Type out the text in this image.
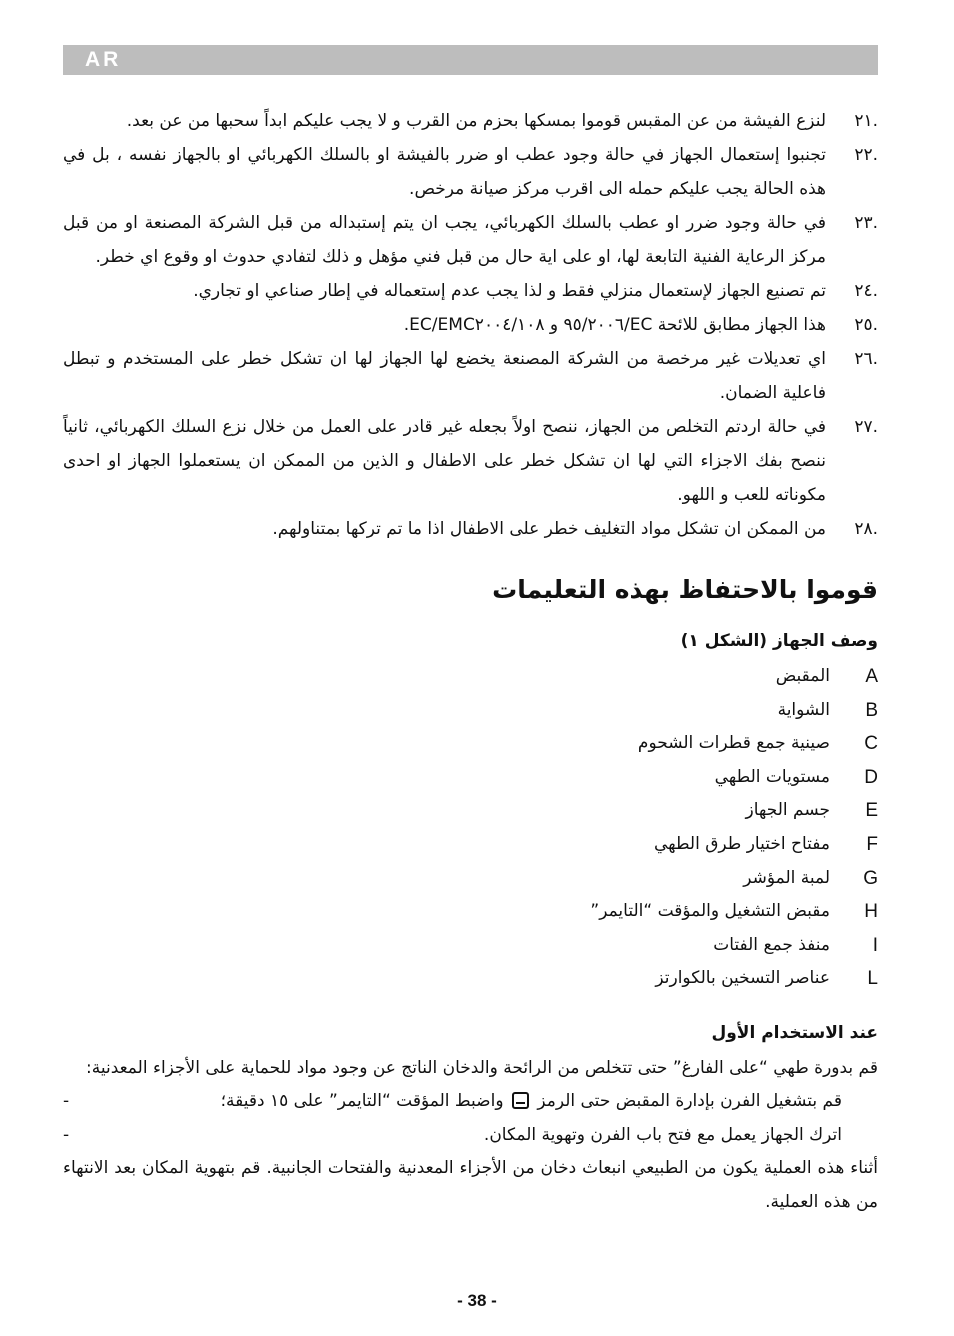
AR
.٢١
لنزع الفيشة من عن المقبس قوموا بمسكها بحزم من القرب و لا يجب عليكم ابداً سحبها من عن بعد.
.٢٢
تجنبوا إستعمال الجهاز في حالة وجود عطب او ضرر بالفيشة او بالسلك الكهربائي او بالجهاز نفسه ، بل في هذه الحالة يجب عليكم حمله الى اقرب مركز صيانة مرخص.
.٢٣
في حالة وجود ضرر او عطب بالسلك الكهربائي، يجب ان يتم إستبداله من قبل الشركة المصنعة او من قبل مركز الرعاية الفنية التابعة لها، او على اية حال من قبل فني مؤهل و ذلك لتفادي حدوث او وقوع اي خطر.
.٢٤
تم تصنيع الجهاز لإستعمال منزلي فقط و لذا يجب عدم إستعماله في إطار صناعي او تجاري.
.٢٥
هذا الجهاز مطابق للائحة EC/٩٥/٢٠٠٦ و EMC٢٠٠٤/١٠٨/EC.
.٢٦
اي تعديلات غير مرخصة من الشركة المصنعة يخضع لها الجهاز لها ان تشكل خطر على المستخدم و تبطل فاعلية الضمان.
.٢٧
في حالة اردتم التخلص من الجهاز، ننصح اولاً بجعله غير قادر على العمل من خلال نزع السلك الكهربائي، ثانياً ننصح بفك الاجزاء التي لها ان تشكل خطر على الاطفال و الذين من الممكن ان يستعملوا الجهاز او احدى مكوناته للعب و اللهو.
.٢٨
من الممكن ان تشكل مواد التغليف خطر على الاطفال اذا ما تم تركها بمتناولهم.
قوموا بالاحتفاظ بهذه التعليمات
وصف الجهاز (الشكل ١)
A
المقبض
B
الشواية
C
صينية جمع قطرات الشحوم
D
مستويات الطهي
E
جسم الجهاز
F
مفتاح اختيار طرق الطهي
G
لمبة المؤشر
H
مقبض التشغيل والمؤقت “التايمر”
I
منفذ جمع الفتات
L
عناصر التسخين بالكوارتز
عند الاستخدام الأول

قم بدورة طهي “على الفارغ” حتى تتخلص من الرائحة والدخان الناتج عن وجود مواد للحماية على الأجزاء المعدنية:

قم بتشغيل الفرن بإدارة المقبض حتى الرمز  واضبط المؤقت “التايمر” على ١٥ دقيقة؛
-
اترك الجهاز يعمل مع فتح باب الفرن وتهوية المكان.
-

أثناء هذه العملية يكون من الطبيعي انبعاث دخان من الأجزاء المعدنية والفتحات الجانبية. قم بتهوية المكان بعد الانتهاء من هذه العملية.

- 38 -
